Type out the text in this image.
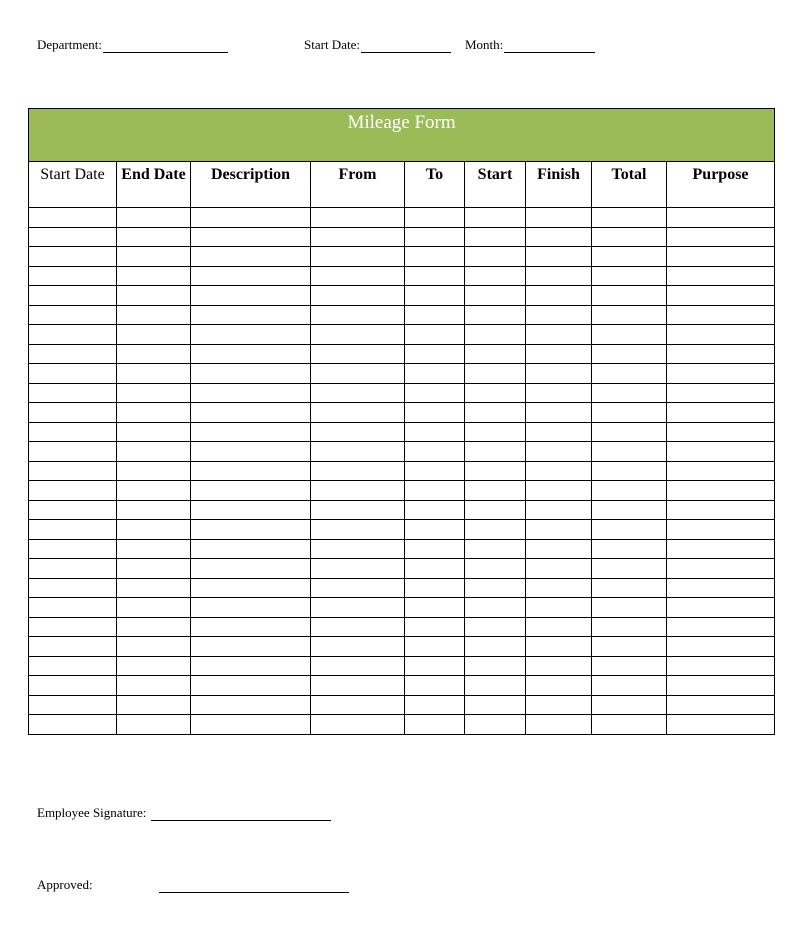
Department:	Start Date:	Month:
Mileage Form								
Start Date	End Date	Description	From	To	Start	Finish	Total	Purpose

Employee Signature:
Approved:
